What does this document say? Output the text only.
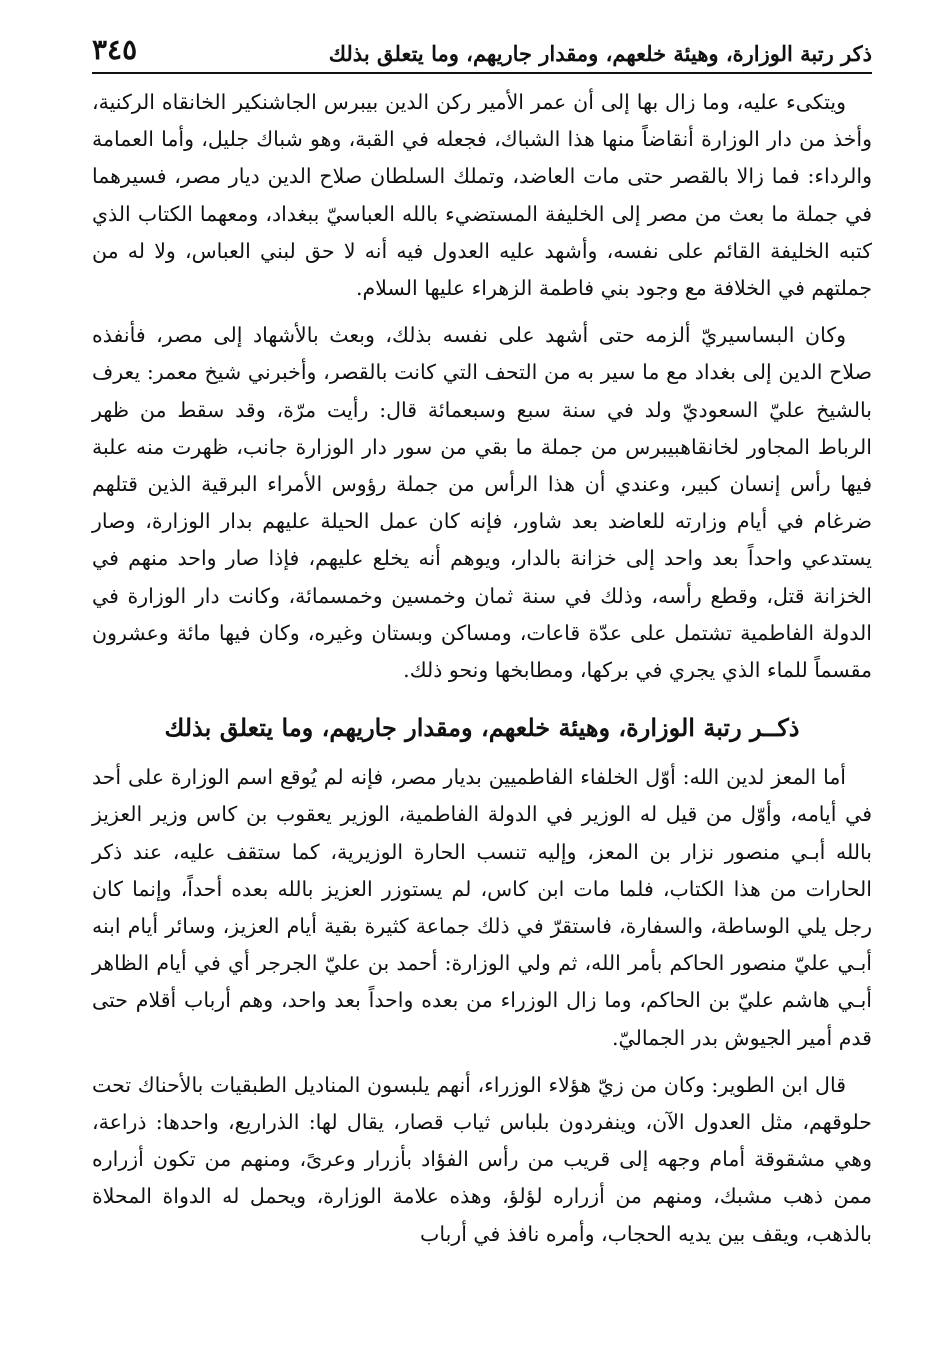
ذكر رتبة الوزارة، وهيئة خلعهم، ومقدار جاريهم، وما يتعلق بذلك
٣٤٥

ويتكىء عليه، وما زال بها إلى أن عمر الأمير ركن الدين بيبرس الجاشنكير الخانقاه الركنية، وأخذ من دار الوزارة أنقاضاً منها هذا الشباك، فجعله في القبة، وهو شباك جليل، وأما العمامة والرداء: فما زالا بالقصر حتى مات العاضد، وتملك السلطان صلاح الدين ديار مصر، فسيرهما في جملة ما بعث من مصر إلى الخليفة المستضيء بالله العباسيّ ببغداد، ومعهما الكتاب الذي كتبه الخليفة القائم على نفسه، وأشهد عليه العدول فيه أنه لا حق لبني العباس، ولا له من جملتهم في الخلافة مع وجود بني فاطمة الزهراء عليها السلام.

وكان البساسيريّ ألزمه حتى أشهد على نفسه بذلك، وبعث بالأشهاد إلى مصر، فأنفذه صلاح الدين إلى بغداد مع ما سير به من التحف التي كانت بالقصر، وأخبرني شيخ معمر: يعرف بالشيخ عليّ السعوديّ ولد في سنة سبع وسبعمائة قال: رأيت مرّة، وقد سقط من ظهر الرباط المجاور لخانقاهبيبرس من جملة ما بقي من سور دار الوزارة جانب، ظهرت منه علبة فيها رأس إنسان كبير، وعندي أن هذا الرأس من جملة رؤوس الأمراء البرقية الذين قتلهم ضرغام في أيام وزارته للعاضد بعد شاور، فإنه كان عمل الحيلة عليهم بدار الوزارة، وصار يستدعي واحداً بعد واحد إلى خزانة بالدار، ويوهم أنه يخلع عليهم، فإذا صار واحد منهم في الخزانة قتل، وقطع رأسه، وذلك في سنة ثمان وخمسين وخمسمائة، وكانت دار الوزارة في الدولة الفاطمية تشتمل على عدّة قاعات، ومساكن وبستان وغيره، وكان فيها مائة وعشرون مقسماً للماء الذي يجري في بركها، ومطابخها ونحو ذلك.

ذكــر رتبة الوزارة، وهيئة خلعهم، ومقدار جاريهم، وما يتعلق بذلك

أما المعز لدين الله: أوّل الخلفاء الفاطميين بديار مصر، فإنه لم يُوقع اسم الوزارة على أحد في أيامه، وأوّل من قيل له الوزير في الدولة الفاطمية، الوزير يعقوب بن كاس وزير العزيز بالله أبـي منصور نزار بن المعز، وإليه تنسب الحارة الوزيرية، كما ستقف عليه، عند ذكر الحارات من هذا الكتاب، فلما مات ابن كاس، لم يستوزر العزيز بالله بعده أحداً، وإنما كان رجل يلي الوساطة، والسفارة، فاستقرّ في ذلك جماعة كثيرة بقية أيام العزيز، وسائر أيام ابنه أبـي عليّ منصور الحاكم بأمر الله، ثم ولي الوزارة: أحمد بن عليّ الجرجر أي في أيام الظاهر أبـي هاشم عليّ بن الحاكم، وما زال الوزراء من بعده واحداً بعد واحد، وهم أرباب أقلام حتى قدم أمير الجيوش بدر الجماليّ.

قال ابن الطوير: وكان من زيّ هؤلاء الوزراء، أنهم يلبسون المناديل الطبقيات بالأحناك تحت حلوقهم، مثل العدول الآن، وينفردون بلباس ثياب قصار، يقال لها: الذراريع، واحدها: ذراعة، وهي مشقوقة أمام وجهه إلى قريب من رأس الفؤاد بأزرار وعرىً، ومنهم من تكون أزراره ممن ذهب مشبك، ومنهم من أزراره لؤلؤ، وهذه علامة الوزارة، ويحمل له الدواة المحلاة بالذهب، ويقف بين يديه الحجاب، وأمره نافذ في أرباب
